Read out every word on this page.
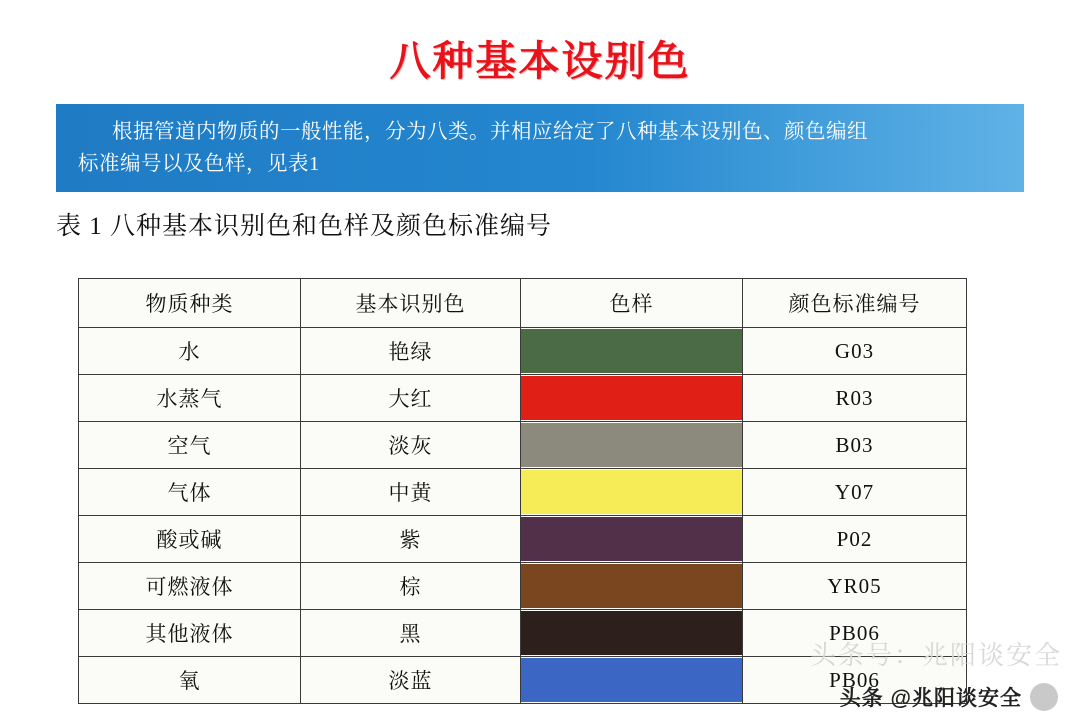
八种基本设别色

根据管道内物质的一般性能，分为八类。并相应给定了八种基本设别色、颜色编组

标准编号以及色样，见表1

表 1 八种基本识别色和色样及颜色标准编号
物质种类	基本识别色	色样	颜色标准编号
水	艳绿		G03
水蒸气	大红		R03
空气	淡灰		B03
气体	中黄		Y07
酸或碱	紫		P02
可燃液体	棕		YR05
其他液体	黑		PB06
氧	淡蓝		PB06
头条号：兆阳谈安全
头条 @兆阳谈安全
